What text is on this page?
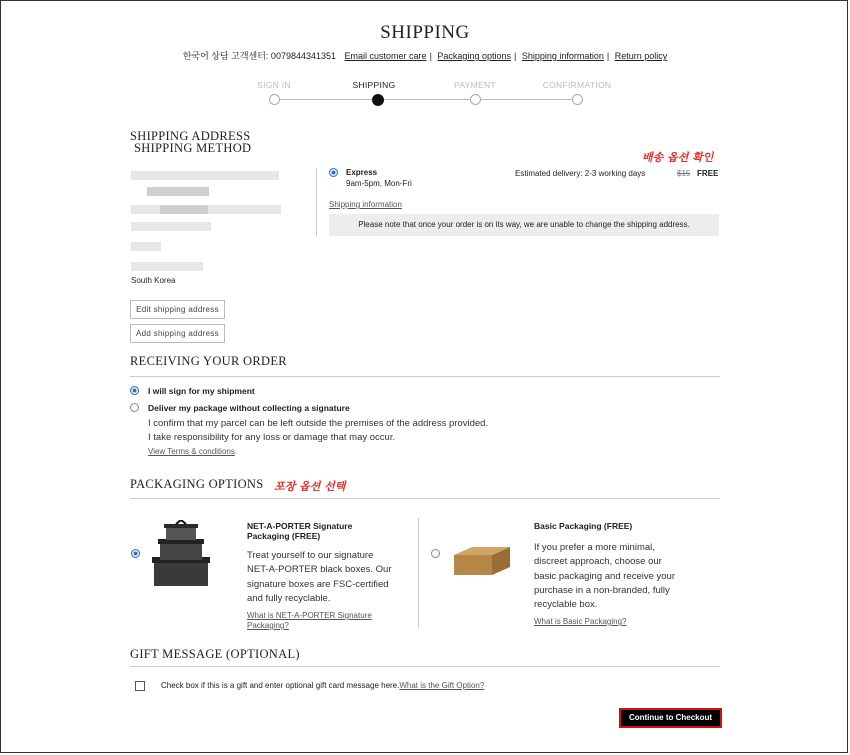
SHIPPING
한국어 상담 고객센터: 0079844341351 Email customer care | Packaging options | Shipping information | Return policy
SIGN IN	SHIPPING	PAYMENT	CONFIRMATION
SHIPPING ADDRESS
SHIPPING METHOD
South Korea
Edit shipping address
Add shipping address
배송 옵션 확인
Express
9am-5pm, Mon-Fri
Estimated delivery: 2-3 working days	$15 FREE
Shipping information
Please note that once your order is on its way, we are unable to change the shipping address.
RECEIVING YOUR ORDER
I will sign for my shipment
Deliver my package without collecting a signature
I confirm that my parcel can be left outside the premises of the address provided.
I take responsibility for any loss or damage that may occur.
View Terms & conditions.
PACKAGING OPTIONS 포장 옵션 선택
NET-A-PORTER Signature
Packaging (FREE)
Treat yourself to our signature
NET-A-PORTER black boxes. Our
signature boxes are FSC-certified
and fully recyclable.
What is NET-A-PORTER Signature
Packaging?
Basic Packaging (FREE)
If you prefer a more minimal,
discreet approach, choose our
basic packaging and receive your
purchase in a non-branded, fully
recyclable box.
What is Basic Packaging?
GIFT MESSAGE (OPTIONAL)
Check box if this is a gift and enter optional gift card message here.What is the Gift Option?
Continue to Checkout
